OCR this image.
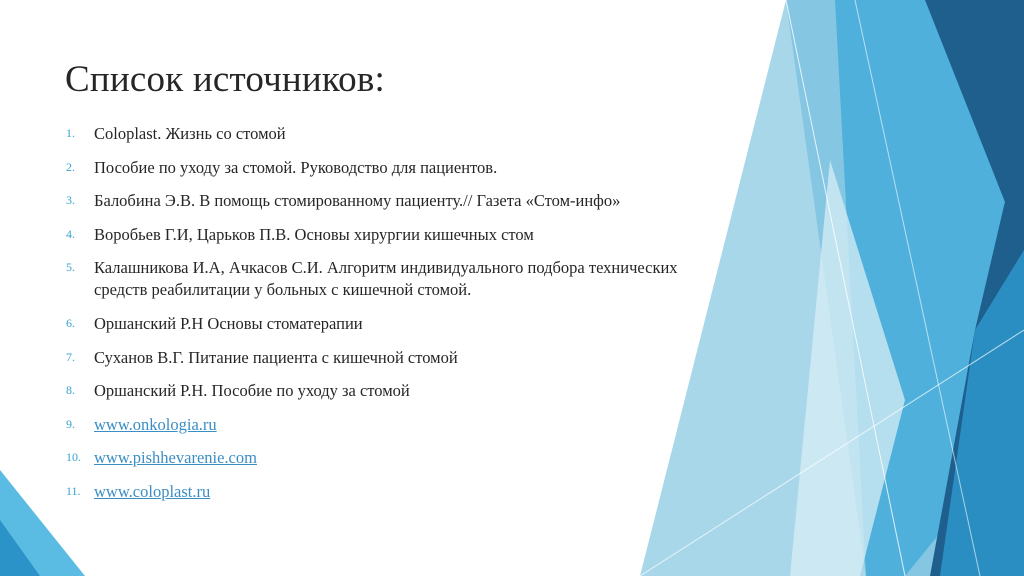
Список источников:
1.	Coloplast. Жизнь со стомой
2.	Пособие по уходу за стомой. Руководство для пациентов.
3.	Балобина Э.В. В помощь стомированному пациенту.// Газета «Стом-инфо»
4.	Воробьев Г.И, Царьков П.В. Основы хирургии кишечных стом
5.	Калашникова И.А, Ачкасов С.И. Алгоритм индивидуального подбора технических средств реабилитации у больных с кишечной стомой.
6.	Оршанский Р.Н Основы стоматерапии
7.	Суханов В.Г. Питание пациента с кишечной стомой
8.	Оршанский Р.Н. Пособие по уходу за стомой
9.	www.onkologia.ru
10. www.pishhevarenie.com
11. www.coloplast.ru
